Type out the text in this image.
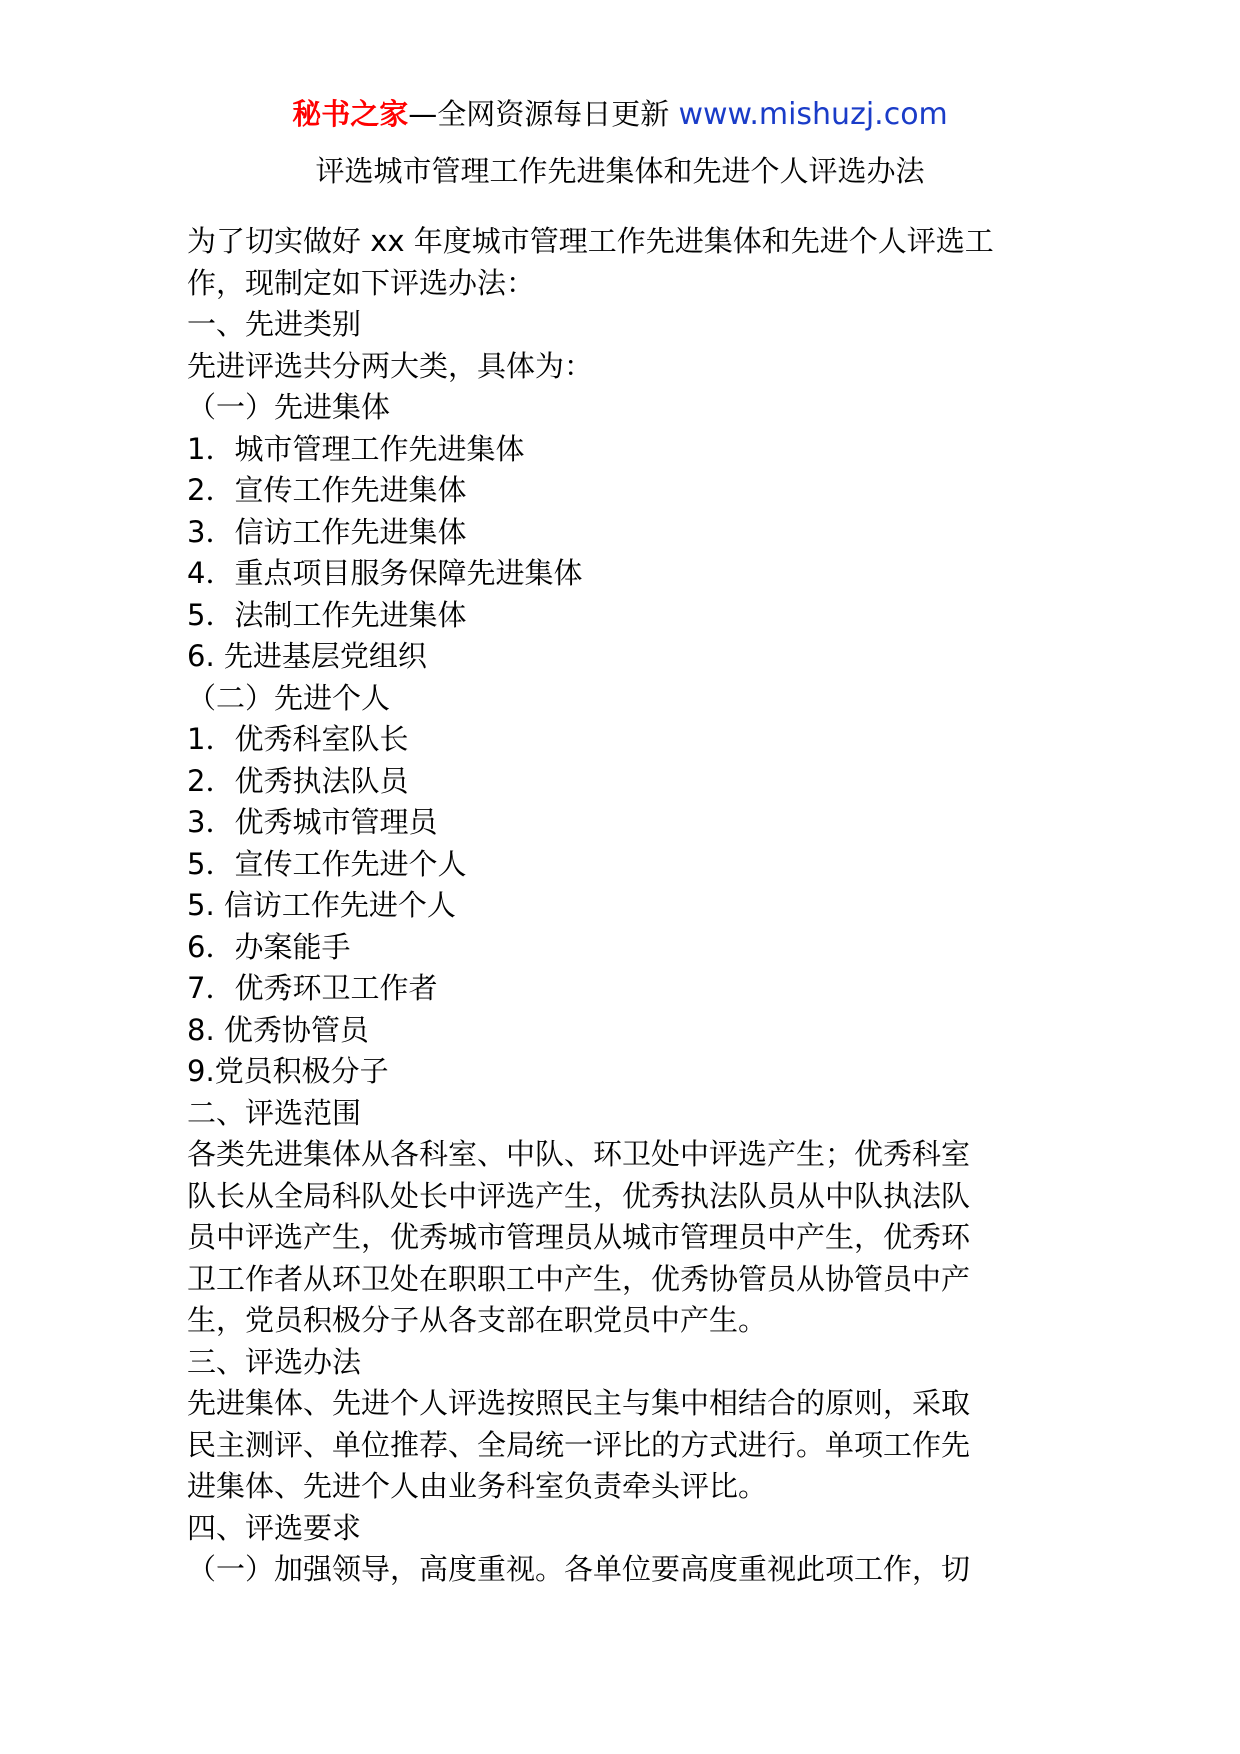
秘书之家—全网资源每日更新 www.mishuzj.com
评选城市管理工作先进集体和先进个人评选办法
为了切实做好 xx 年度城市管理工作先进集体和先进个人评选工
作，现制定如下评选办法：
一、先进类别
先进评选共分两大类，具体为：
（一）先进集体
1．城市管理工作先进集体
2．宣传工作先进集体
3．信访工作先进集体
4．重点项目服务保障先进集体
5．法制工作先进集体
6. 先进基层党组织
（二）先进个人
1．优秀科室队长
2．优秀执法队员
3．优秀城市管理员
5．宣传工作先进个人
5. 信访工作先进个人
6．办案能手
7．优秀环卫工作者
8. 优秀协管员
9.党员积极分子
二、评选范围
各类先进集体从各科室、中队、环卫处中评选产生；优秀科室
队长从全局科队处长中评选产生，优秀执法队员从中队执法队
员中评选产生，优秀城市管理员从城市管理员中产生，优秀环
卫工作者从环卫处在职职工中产生，优秀协管员从协管员中产
生，党员积极分子从各支部在职党员中产生。
三、评选办法
先进集体、先进个人评选按照民主与集中相结合的原则，采取
民主测评、单位推荐、全局统一评比的方式进行。单项工作先
进集体、先进个人由业务科室负责牵头评比。
四、评选要求
（一）加强领导，高度重视。各单位要高度重视此项工作，切
